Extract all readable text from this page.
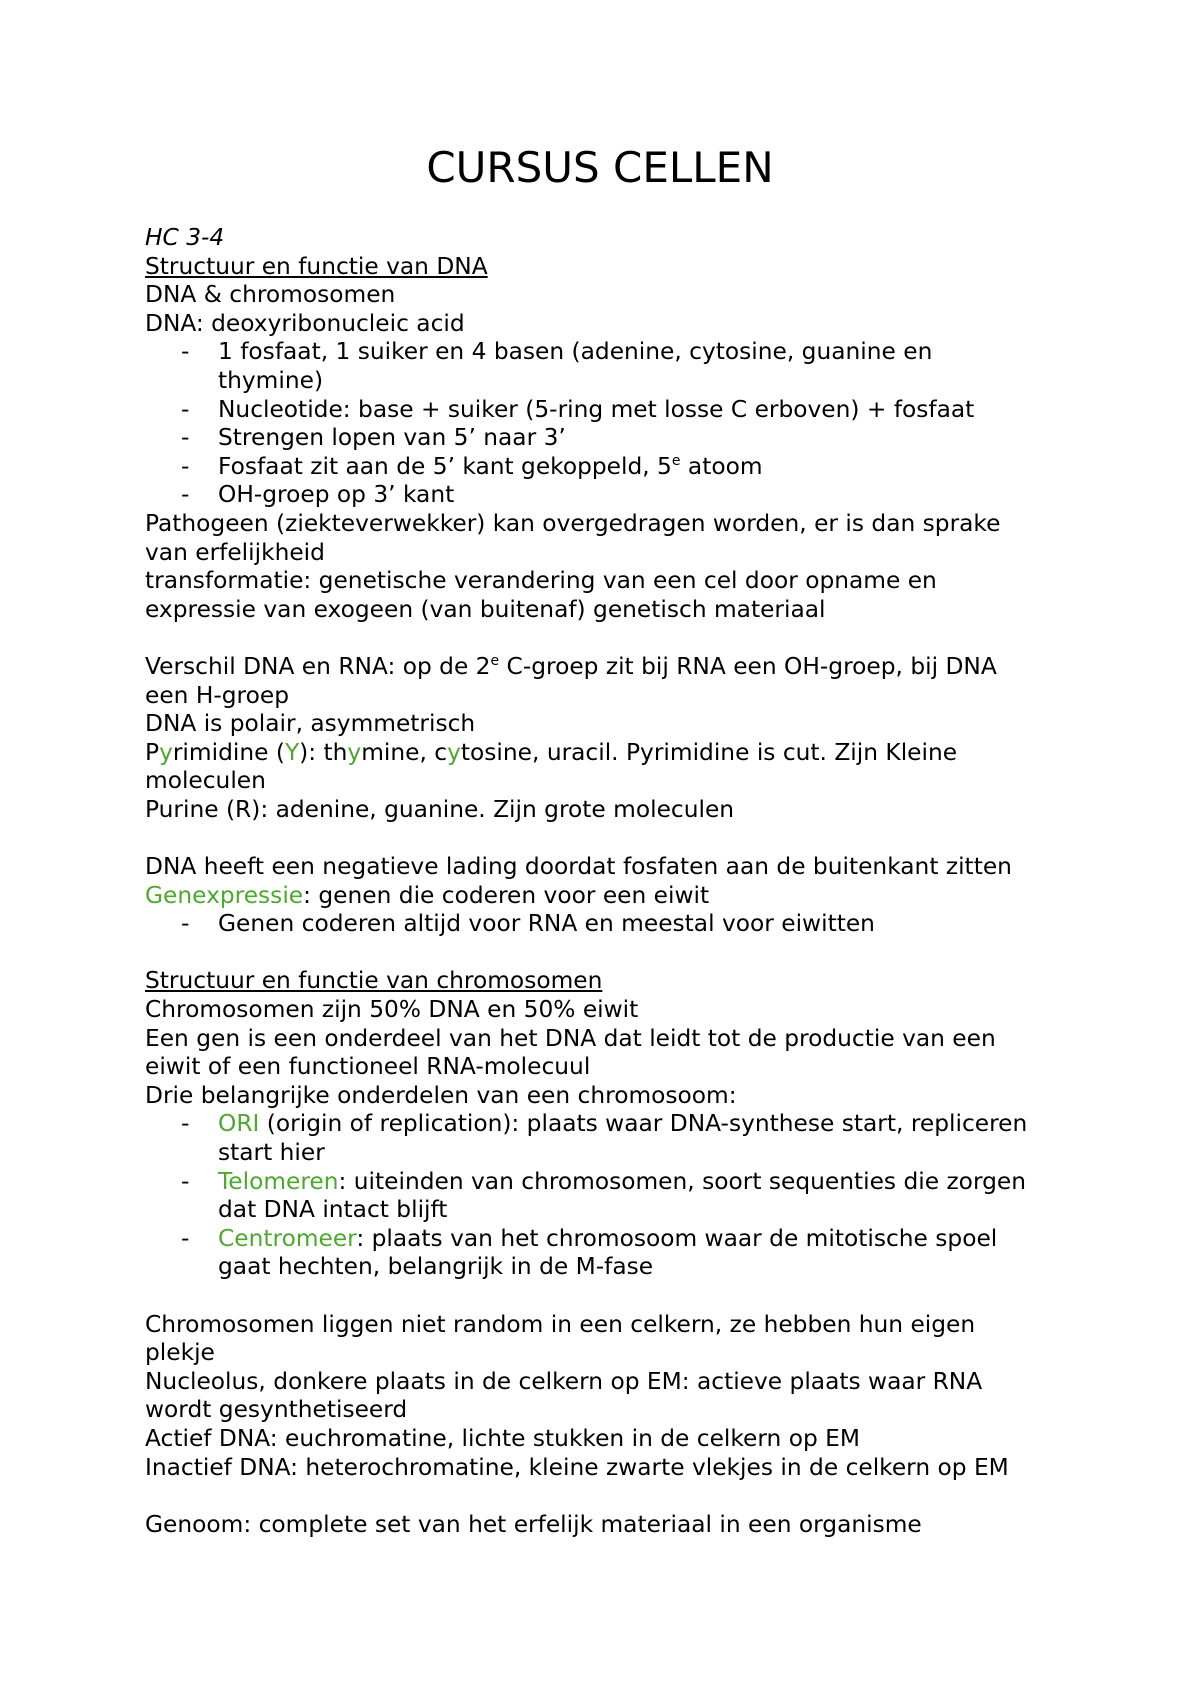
CURSUS CELLEN
HC 3-4
Structuur en functie van DNA
DNA & chromosomen
DNA: deoxyribonucleic acid
- 1 fosfaat, 1 suiker en 4 basen (adenine, cytosine, guanine en
thymine)
- Nucleotide: base + suiker (5-ring met losse C erboven) + fosfaat
- Strengen lopen van 5’ naar 3’
- Fosfaat zit aan de 5’ kant gekoppeld, 5e atoom
- OH-groep op 3’ kant
Pathogeen (ziekteverwekker) kan overgedragen worden, er is dan sprake
van erfelijkheid
transformatie: genetische verandering van een cel door opname en
expressie van exogeen (van buitenaf) genetisch materiaal
Verschil DNA en RNA: op de 2e C-groep zit bij RNA een OH-groep, bij DNA
een H-groep
DNA is polair, asymmetrisch
Pyrimidine (Y): thymine, cytosine, uracil. Pyrimidine is cut. Zijn Kleine
moleculen
Purine (R): adenine, guanine. Zijn grote moleculen
DNA heeft een negatieve lading doordat fosfaten aan de buitenkant zitten
Genexpressie: genen die coderen voor een eiwit
- Genen coderen altijd voor RNA en meestal voor eiwitten
Structuur en functie van chromosomen
Chromosomen zijn 50% DNA en 50% eiwit
Een gen is een onderdeel van het DNA dat leidt tot de productie van een
eiwit of een functioneel RNA-molecuul
Drie belangrijke onderdelen van een chromosoom:
- ORI (origin of replication): plaats waar DNA-synthese start, repliceren
start hier
- Telomeren: uiteinden van chromosomen, soort sequenties die zorgen
dat DNA intact blijft
- Centromeer: plaats van het chromosoom waar de mitotische spoel
gaat hechten, belangrijk in de M-fase
Chromosomen liggen niet random in een celkern, ze hebben hun eigen
plekje
Nucleolus, donkere plaats in de celkern op EM: actieve plaats waar RNA
wordt gesynthetiseerd
Actief DNA: euchromatine, lichte stukken in de celkern op EM
Inactief DNA: heterochromatine, kleine zwarte vlekjes in de celkern op EM
Genoom: complete set van het erfelijk materiaal in een organisme
